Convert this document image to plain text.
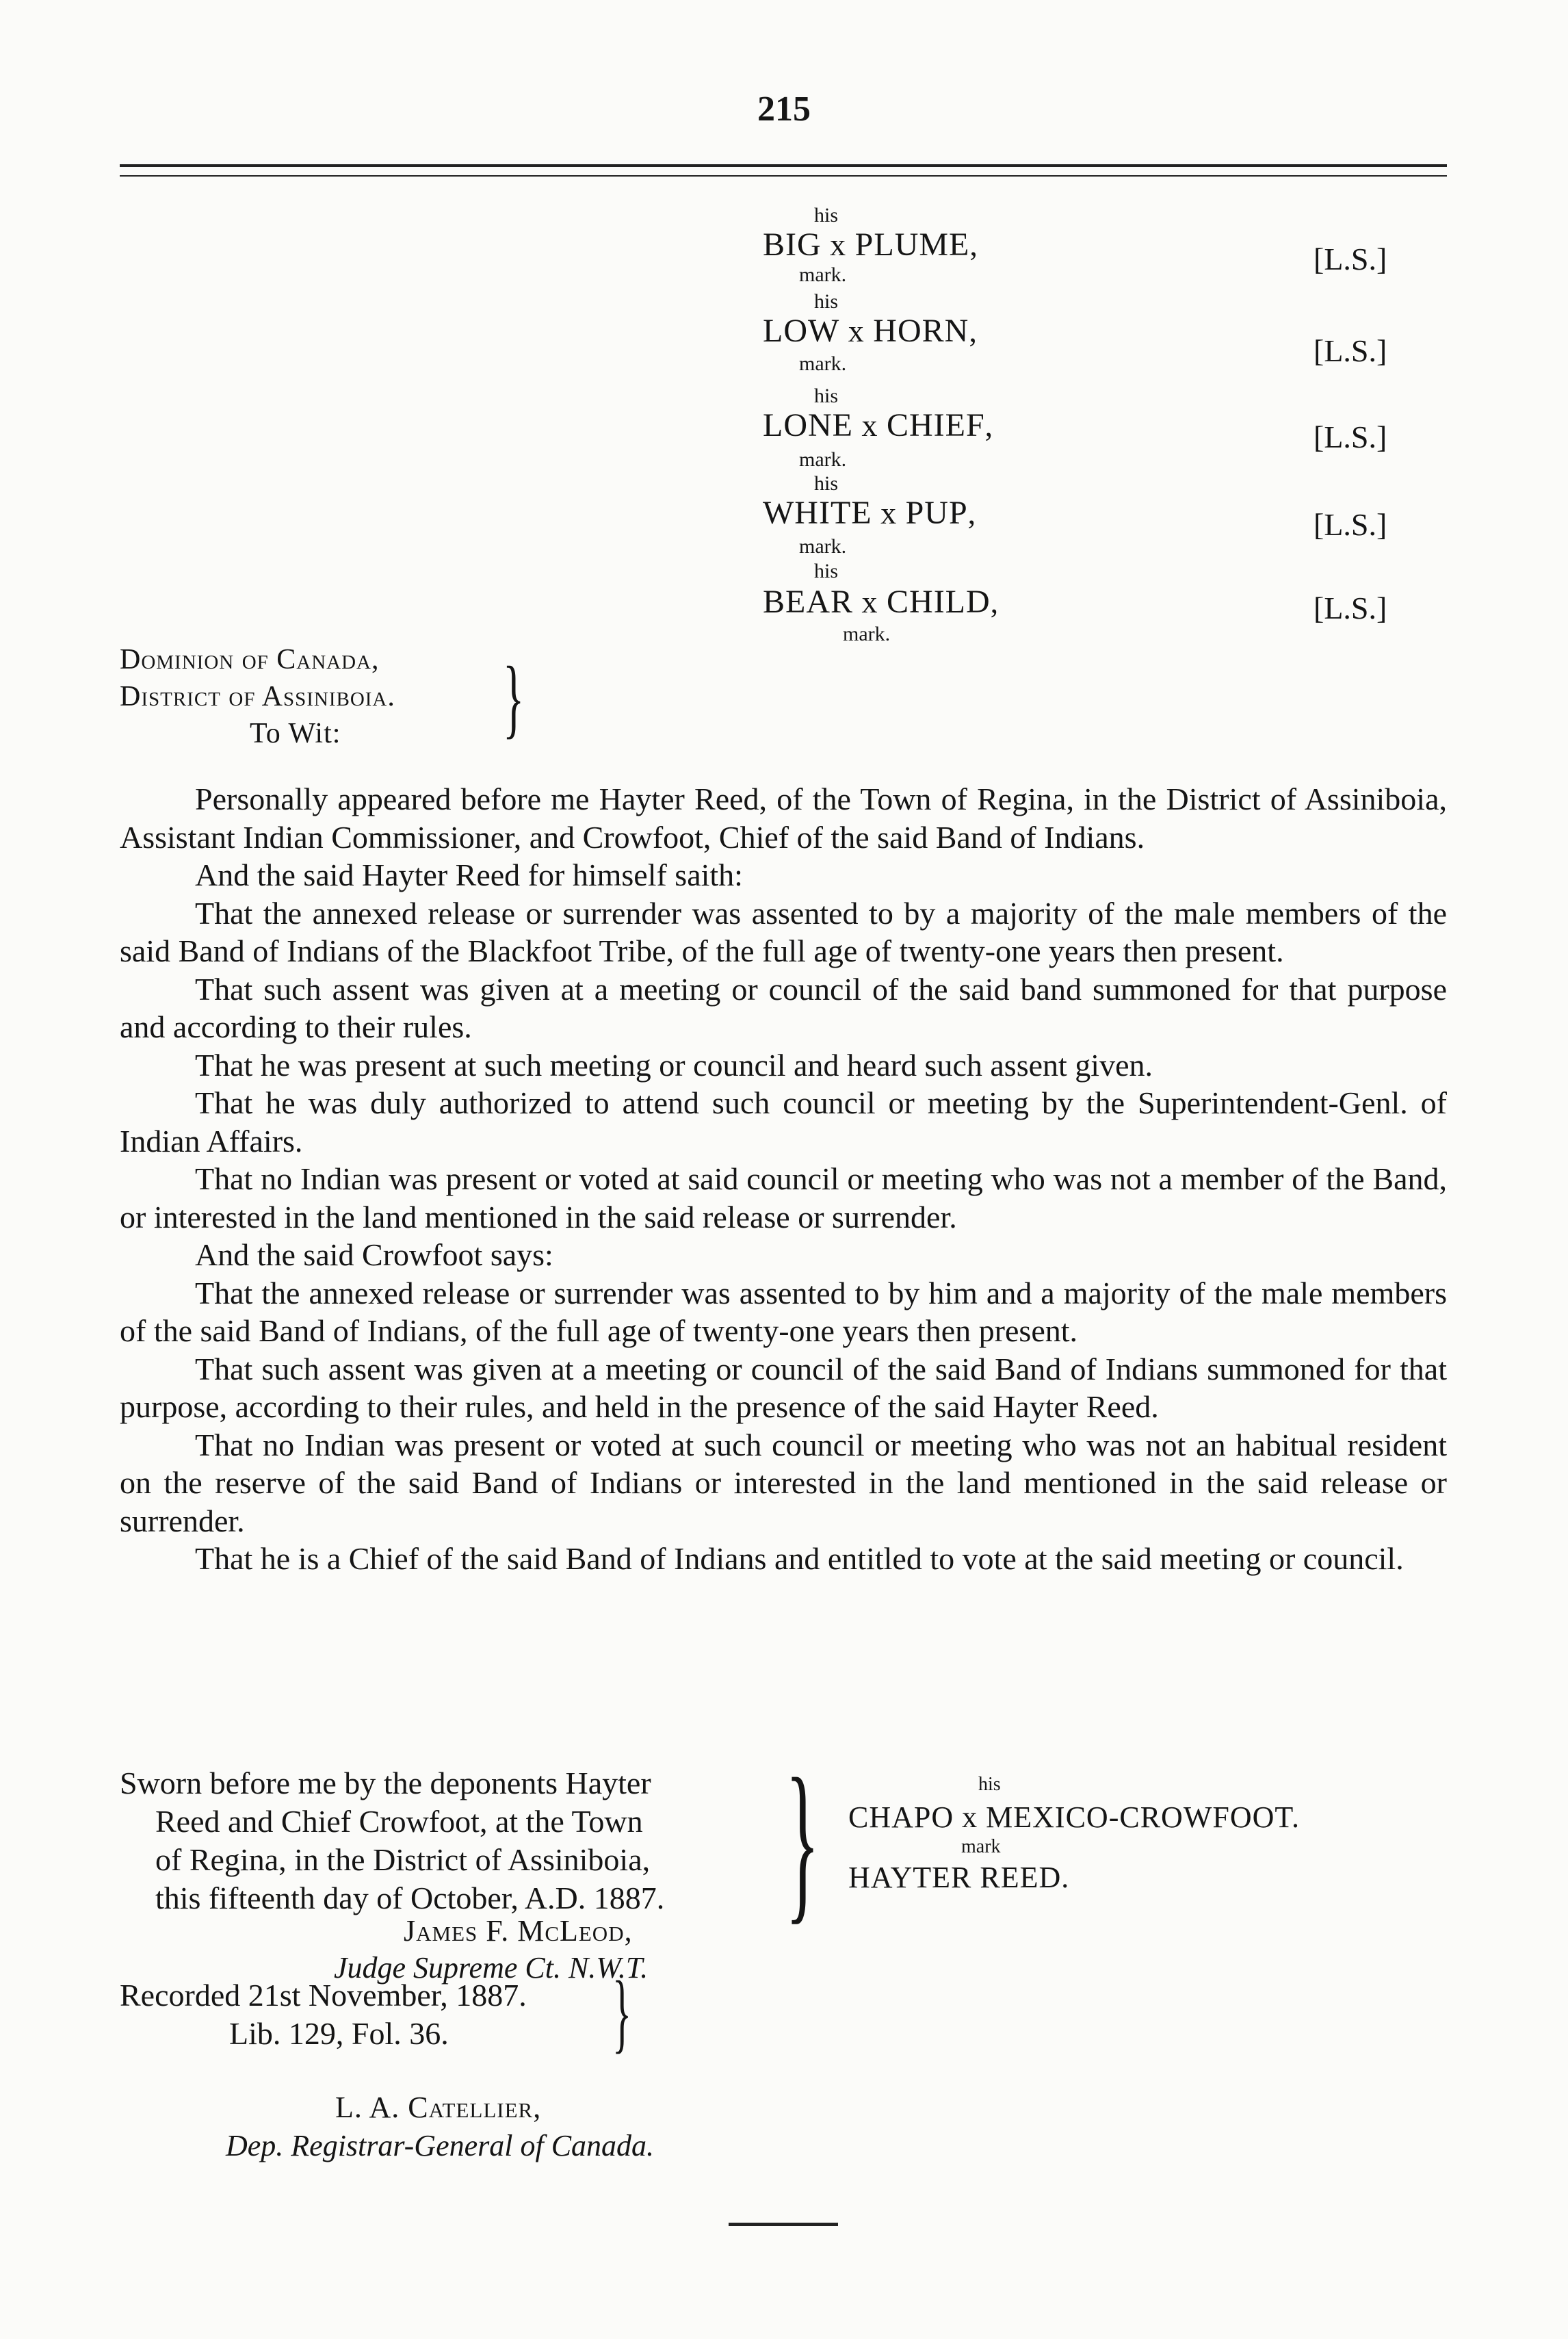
215
his
BIG x PLUME,
mark.	[L.S.]
his
LOW x HORN,
mark.	[L.S.]
his
LONE x CHIEF,
mark.
[L.S.]
his
WHITE x PUP,
mark.
[L.S.]
his
BEAR x CHILD,
mark.
[L.S.]
Dominion of Canada,
District of Assiniboia.
To Wit: }

Personally appeared before me Hayter Reed, of the Town of Regina, in the District of Assiniboia, Assistant Indian Commissioner, and Crowfoot, Chief of the said Band of Indians.

And the said Hayter Reed for himself saith:

That the annexed release or surrender was assented to by a majority of the male members of the said Band of Indians of the Blackfoot Tribe, of the full age of twenty-one years then present.

That such assent was given at a meeting or council of the said band summoned for that purpose and according to their rules.

That he was present at such meeting or council and heard such assent given.

That he was duly authorized to attend such council or meeting by the Superintendent-Genl. of Indian Affairs.

That no Indian was present or voted at said council or meeting who was not a member of the Band, or interested in the land mentioned in the said release or surrender.

And the said Crowfoot says:

That the annexed release or surrender was assented to by him and a majority of the male members of the said Band of Indians, of the full age of twenty-one years then present.

That such assent was given at a meeting or council of the said Band of Indians summoned for that purpose, according to their rules, and held in the presence of the said Hayter Reed.

That no Indian was present or voted at such council or meeting who was not an habitual resident on the reserve of the said Band of Indians or interested in the land mentioned in the said release or surrender.

That he is a Chief of the said Band of Indians and entitled to vote at the said meeting or council.

Sworn before me by the deponents Hayter
Reed and Chief Crowfoot, at the Town
of Regina, in the District of Assiniboia,
this fifteenth day of October, A.D. 1887. }	his
CHAPO x MEXICO-CROWFOOT.
mark
HAYTER REED.
James F. McLeod,
Judge Supreme Ct. N.W.T.
Recorded 21st November, 1887.
Lib. 129, Fol. 36.	}
L. A. Catellier,
Dep. Registrar-General of Canada.
